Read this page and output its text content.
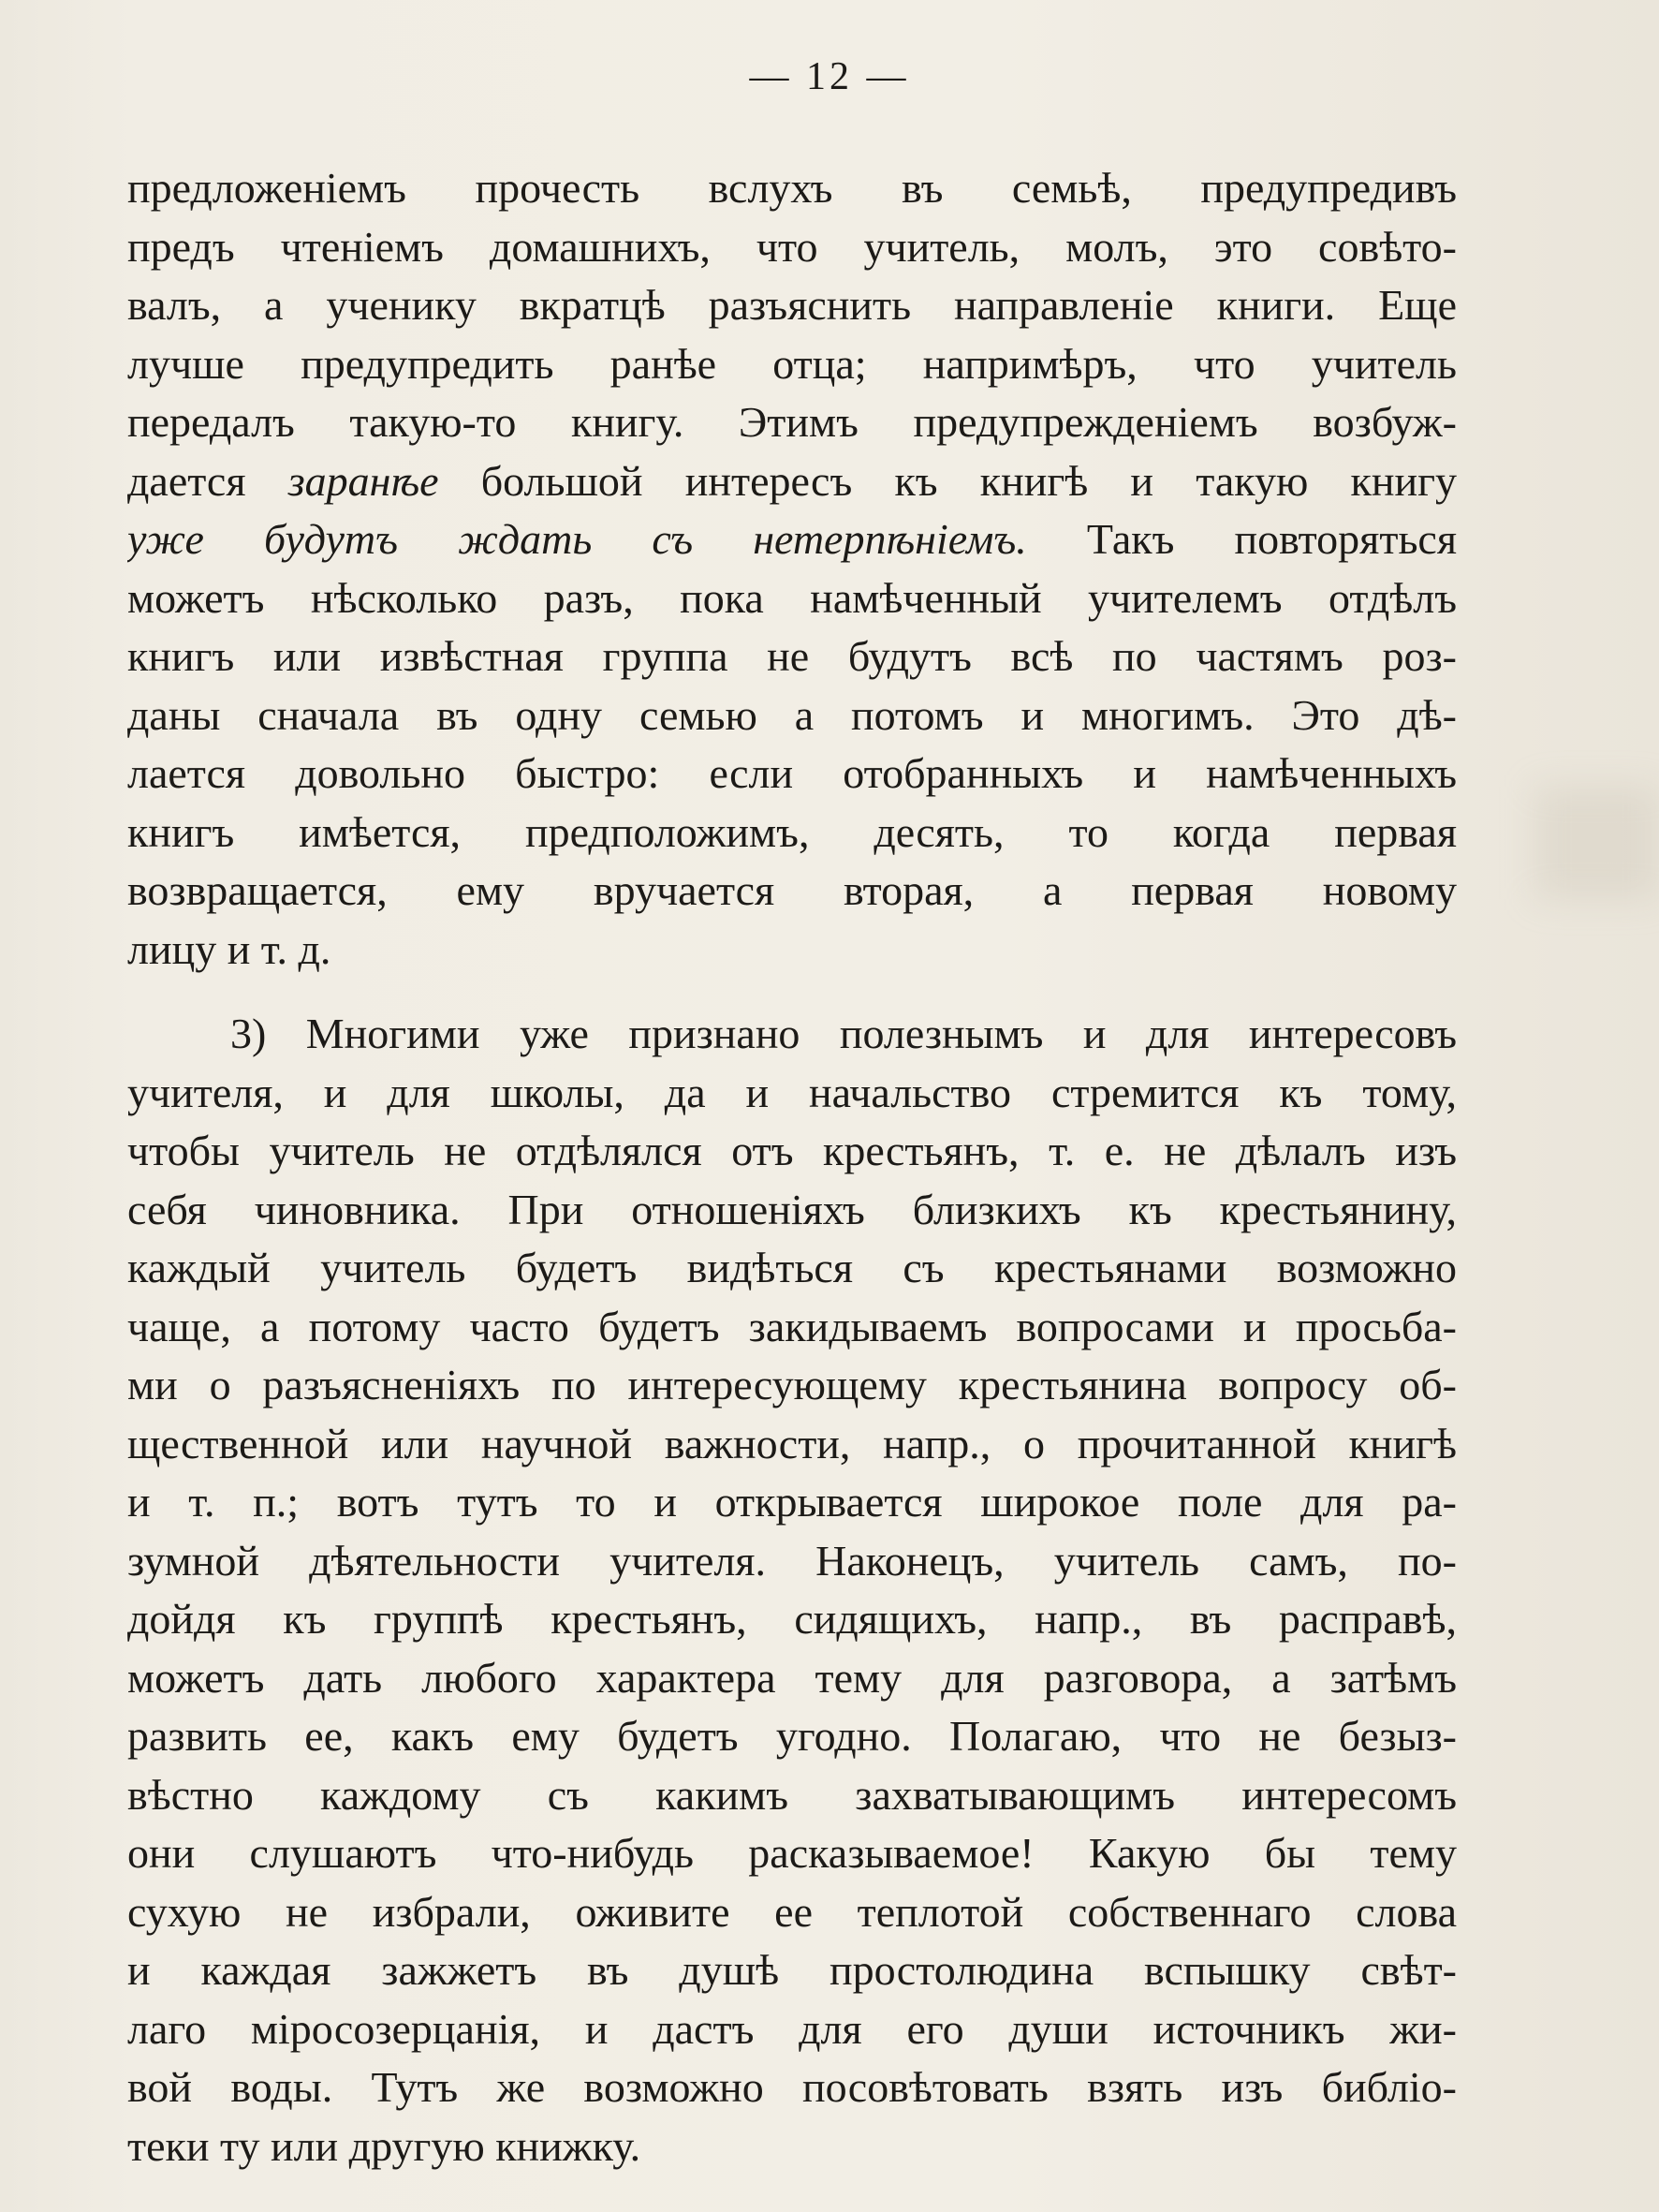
— 12 —
предложеніемъ прочесть вслухъ въ семьѣ, предупредивъ
предъ чтеніемъ домашнихъ, что учитель, молъ, это совѣто-
валъ, а ученику вкратцѣ разъяснить направленіе книги. Еще
лучше предупредить ранѣе отца; напримѣръ, что учитель
передалъ такую-то книгу. Этимъ предупрежденіемъ возбуж-
дается заранѣе большой интересъ къ книгѣ и такую книгу
уже будутъ ждать съ нетерпѣніемъ. Такъ повторяться
можетъ нѣсколько разъ, пока намѣченный учителемъ отдѣлъ
книгъ или извѣстная группа не будутъ всѣ по частямъ роз-
даны сначала въ одну семью а потомъ и многимъ. Это дѣ-
лается довольно быстро: если отобранныхъ и намѣченныхъ
книгъ имѣется, предположимъ, десять, то когда первая
возвращается, ему вручается вторая, а первая новому
лицу и т. д.
3) Многими уже признано полезнымъ и для интересовъ
учителя, и для школы, да и начальство стремится къ тому,
чтобы учитель не отдѣлялся отъ крестьянъ, т. е. не дѣлалъ изъ
себя чиновника. При отношеніяхъ близкихъ къ крестьянину,
каждый учитель будетъ видѣться съ крестьянами возможно
чаще, а потому часто будетъ закидываемъ вопросами и просьба-
ми о разъясненіяхъ по интересующему крестьянина вопросу об-
щественной или научной важности, напр., о прочитанной книгѣ
и т. п.; вотъ тутъ то и открывается широкое поле для ра-
зумной дѣятельности учителя. Наконецъ, учитель самъ, по-
дойдя къ группѣ крестьянъ, сидящихъ, напр., въ расправѣ,
можетъ дать любого характера тему для разговора, а затѣмъ
развить ее, какъ ему будетъ угодно. Полагаю, что не безыз-
вѣстно каждому съ какимъ захватывающимъ интересомъ
они слушаютъ что-нибудь расказываемое! Какую бы тему
сухую не избрали, оживите ее теплотой собственнаго слова
и каждая зажжетъ въ душѣ простолюдина вспышку свѣт-
лаго міросозерцанія, и дастъ для его души источникъ жи-
вой воды. Тутъ же возможно посовѣтовать взять изъ библіо-
теки ту или другую книжку.
